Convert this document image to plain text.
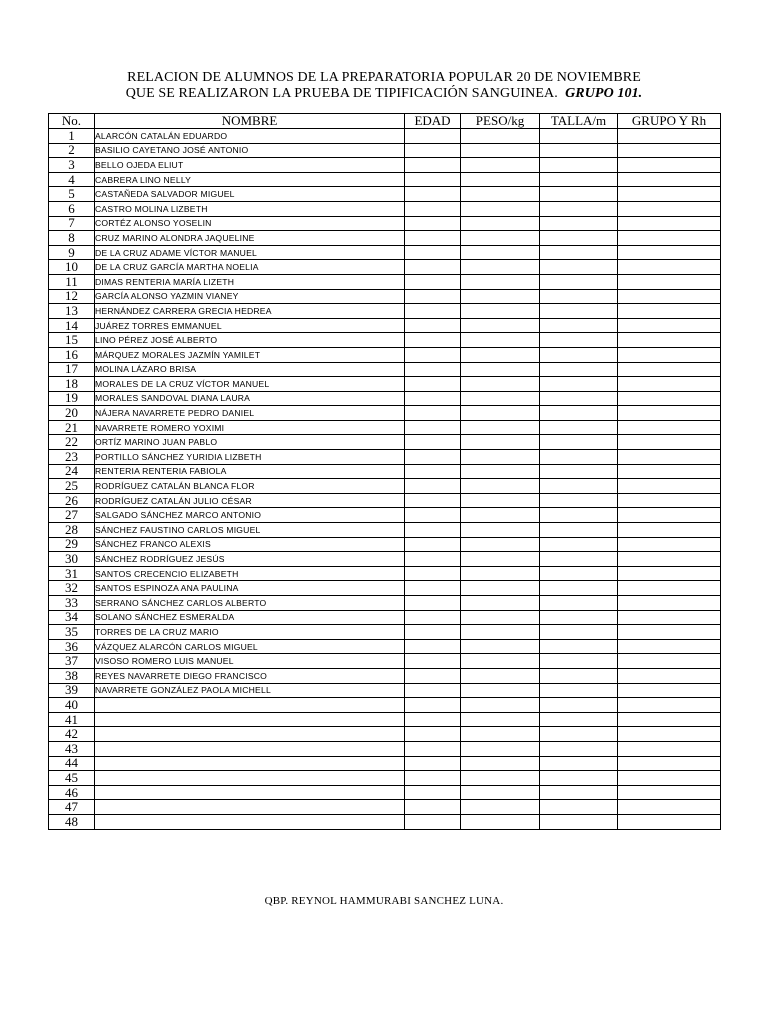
RELACION DE ALUMNOS DE LA PREPARATORIA POPULAR 20 DE NOVIEMBRE
QUE SE REALIZARON LA PRUEBA DE TIPIFICACIÓN SANGUINEA. GRUPO 101.
No.	NOMBRE	EDAD	PESO/kg	TALLA/m	GRUPO Y Rh
1	ALARCÓN CATALÁN EDUARDO				
2	BASILIO CAYETANO JOSÉ ANTONIO				
3	BELLO OJEDA ELIUT				
4	CABRERA LINO NELLY				
5	CASTAÑEDA SALVADOR MIGUEL				
6	CASTRO MOLINA LIZBETH				
7	CORTÉZ ALONSO YOSELIN				
8	CRUZ MARINO ALONDRA JAQUELINE				
9	DE LA CRUZ ADAME VÍCTOR MANUEL				
10	DE LA CRUZ GARCÍA MARTHA NOELIA				
11	DIMAS RENTERIA MARÍA LIZETH				
12	GARCÍA ALONSO YAZMIN VIANEY				
13	HERNÁNDEZ CARRERA GRECIA HEDREA				
14	JUÁREZ TORRES EMMANUEL				
15	LINO PÉREZ JOSÉ ALBERTO				
16	MÁRQUEZ MORALES JAZMÍN YAMILET				
17	MOLINA LÁZARO BRISA				
18	MORALES DE LA CRUZ VÍCTOR MANUEL				
19	MORALES SANDOVAL DIANA LAURA				
20	NÁJERA NAVARRETE PEDRO DANIEL				
21	NAVARRETE ROMERO YOXIMI				
22	ORTÍZ MARINO JUAN PABLO				
23	PORTILLO SÁNCHEZ YURIDIA LIZBETH				
24	RENTERIA RENTERIA FABIOLA				
25	RODRÍGUEZ CATALÁN BLANCA FLOR				
26	RODRÍGUEZ CATALÁN JULIO CÉSAR				
27	SALGADO SÁNCHEZ MARCO ANTONIO				
28	SÁNCHEZ FAUSTINO CARLOS MIGUEL				
29	SÁNCHEZ FRANCO ALEXIS				
30	SÁNCHEZ RODRÍGUEZ JESÚS				
31	SANTOS CRECENCIO ELIZABETH				
32	SANTOS ESPINOZA ANA PAULINA				
33	SERRANO SÁNCHEZ CARLOS ALBERTO				
34	SOLANO SÁNCHEZ ESMERALDA				
35	TORRES DE LA CRUZ MARIO				
36	VÁZQUEZ ALARCÓN CARLOS MIGUEL				
37	VISOSO ROMERO LUIS MANUEL				
38	REYES NAVARRETE DIEGO FRANCISCO				
39	NAVARRETE GONZÁLEZ PAOLA MICHELL				
40					
41					
42					
43					
44					
45					
46					
47					
48					
QBP. REYNOL HAMMURABI SANCHEZ LUNA.
